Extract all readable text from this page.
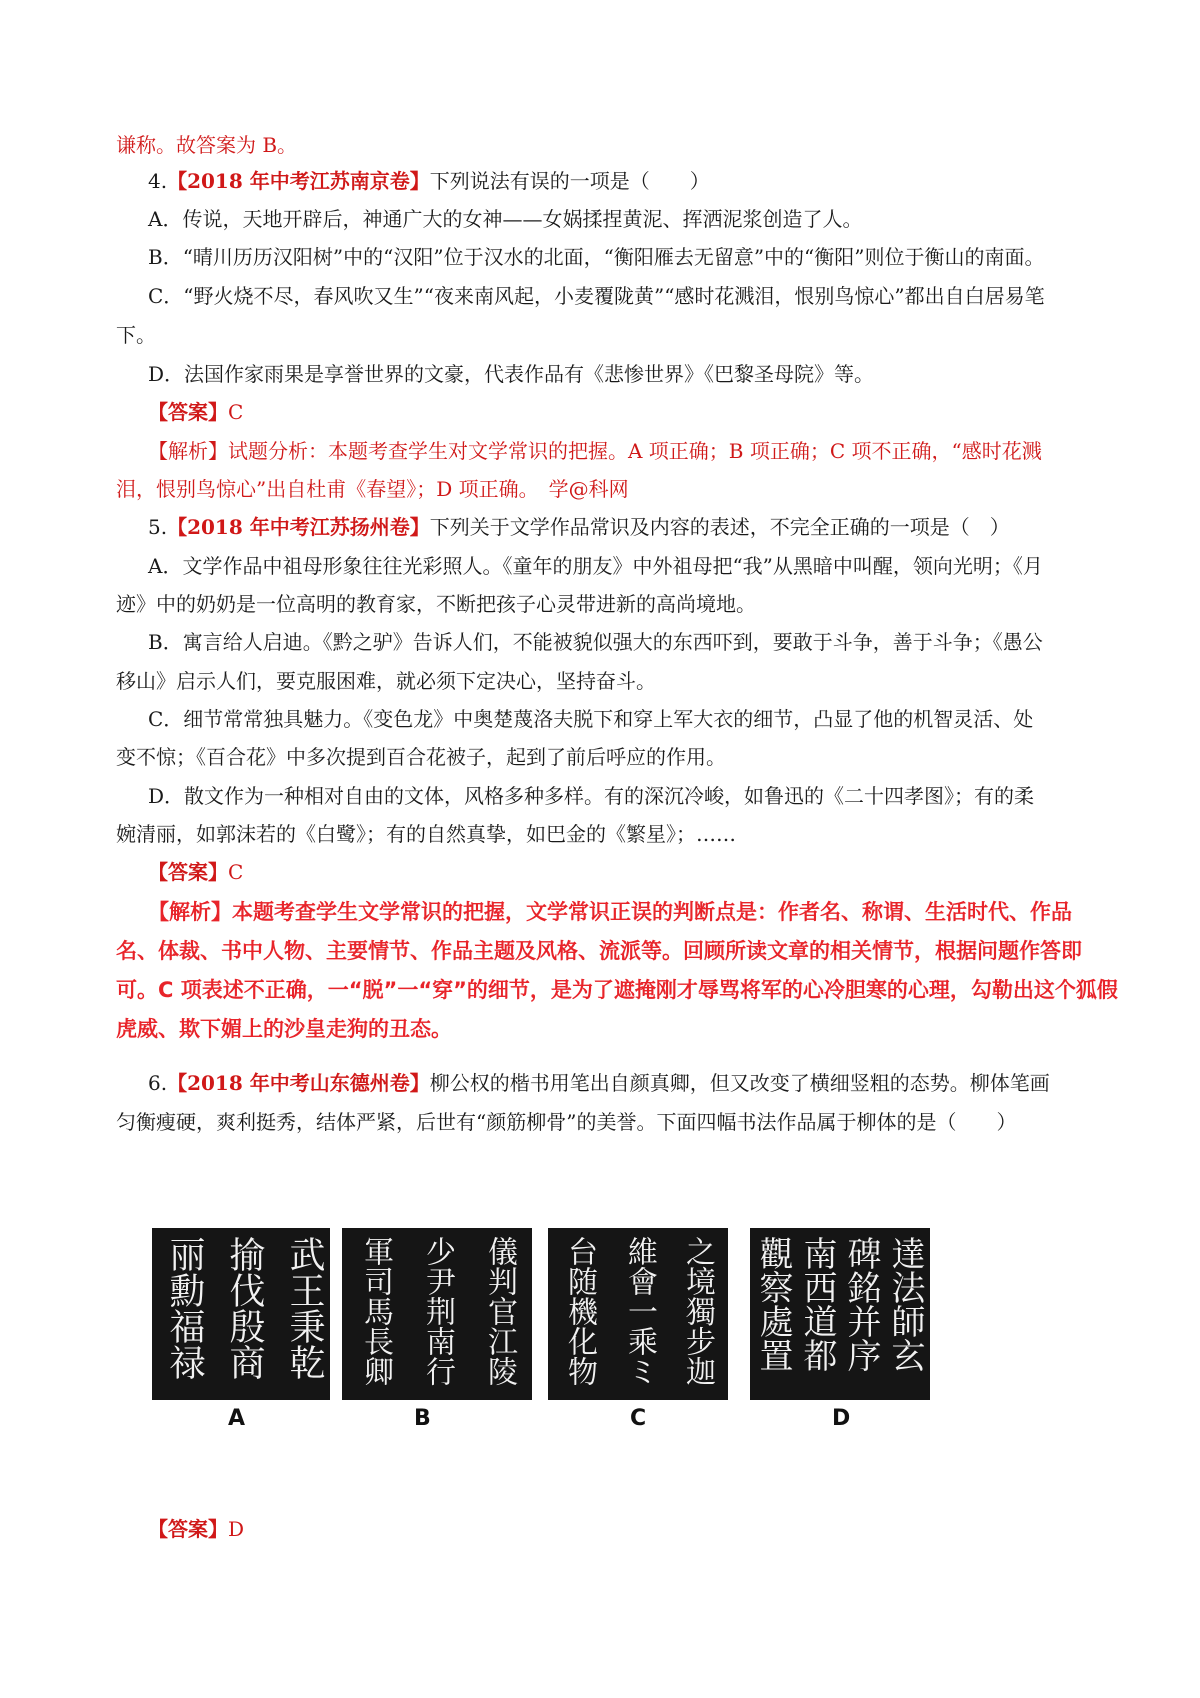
谦称。故答案为 B。
4.【2018 年中考江苏南京卷】下列说法有误的一项是（　　）
A．传说，天地开辟后，神通广大的女神——女娲揉捏黄泥、挥洒泥浆创造了人。
B．“晴川历历汉阳树”中的“汉阳”位于汉水的北面，“衡阳雁去无留意”中的“衡阳”则位于衡山的南面。
C．“野火烧不尽，春风吹又生”“夜来南风起，小麦覆陇黄”“感时花溅泪，恨别鸟惊心”都出自白居易笔
下。
D．法国作家雨果是享誉世界的文豪，代表作品有《悲惨世界》《巴黎圣母院》等。
【答案】C
【解析】试题分析：本题考查学生对文学常识的把握。A 项正确；B 项正确；C 项不正确，“感时花溅
泪，恨别鸟惊心”出自杜甫《春望》；D 项正确。　学@科网
5.【2018 年中考江苏扬州卷】下列关于文学作品常识及内容的表述，不完全正确的一项是（　）
A．文学作品中祖母形象往往光彩照人。《童年的朋友》中外祖母把“我”从黑暗中叫醒，领向光明；《月
迹》中的奶奶是一位高明的教育家，不断把孩子心灵带进新的高尚境地。
B．寓言给人启迪。《黔之驴》告诉人们，不能被貌似强大的东西吓到，要敢于斗争，善于斗争；《愚公
移山》启示人们，要克服困难，就必须下定决心，坚持奋斗。
C．细节常常独具魅力。《变色龙》中奥楚蔑洛夫脱下和穿上军大衣的细节，凸显了他的机智灵活、处
变不惊；《百合花》中多次提到百合花被子，起到了前后呼应的作用。
D．散文作为一种相对自由的文体，风格多种多样。有的深沉冷峻，如鲁迅的《二十四孝图》；有的柔
婉清丽，如郭沫若的《白鹭》；有的自然真挚，如巴金的《繁星》；……
【答案】C
【解析】本题考查学生文学常识的把握，文学常识正误的判断点是：作者名、称谓、生活时代、作品
名、体裁、书中人物、主要情节、作品主题及风格、流派等。回顾所读文章的相关情节，根据问题作答即
可。C 项表述不正确，一“脱”一“穿”的细节，是为了遮掩刚才辱骂将军的心冷胆寒的心理，勾勒出这个狐假
虎威、欺下媚上的沙皇走狗的丑态。
6.【2018 年中考山东德州卷】柳公权的楷书用笔出自颜真卿，但又改变了横细竖粗的态势。柳体笔画
匀衡瘦硬，爽利挺秀，结体严紧，后世有“颜筋柳骨”的美誉。下面四幅书法作品属于柳体的是（　　）
武王秉乾
揄伐殷商
丽勳福禄
A
儀判官江陵
少尹荆南行
軍司馬長卿
B
之境獨步迦
維會一乘ミ
台随機化物
C
達法師玄
碑銘并序
南西道都
觀察處置
D
【答案】D
